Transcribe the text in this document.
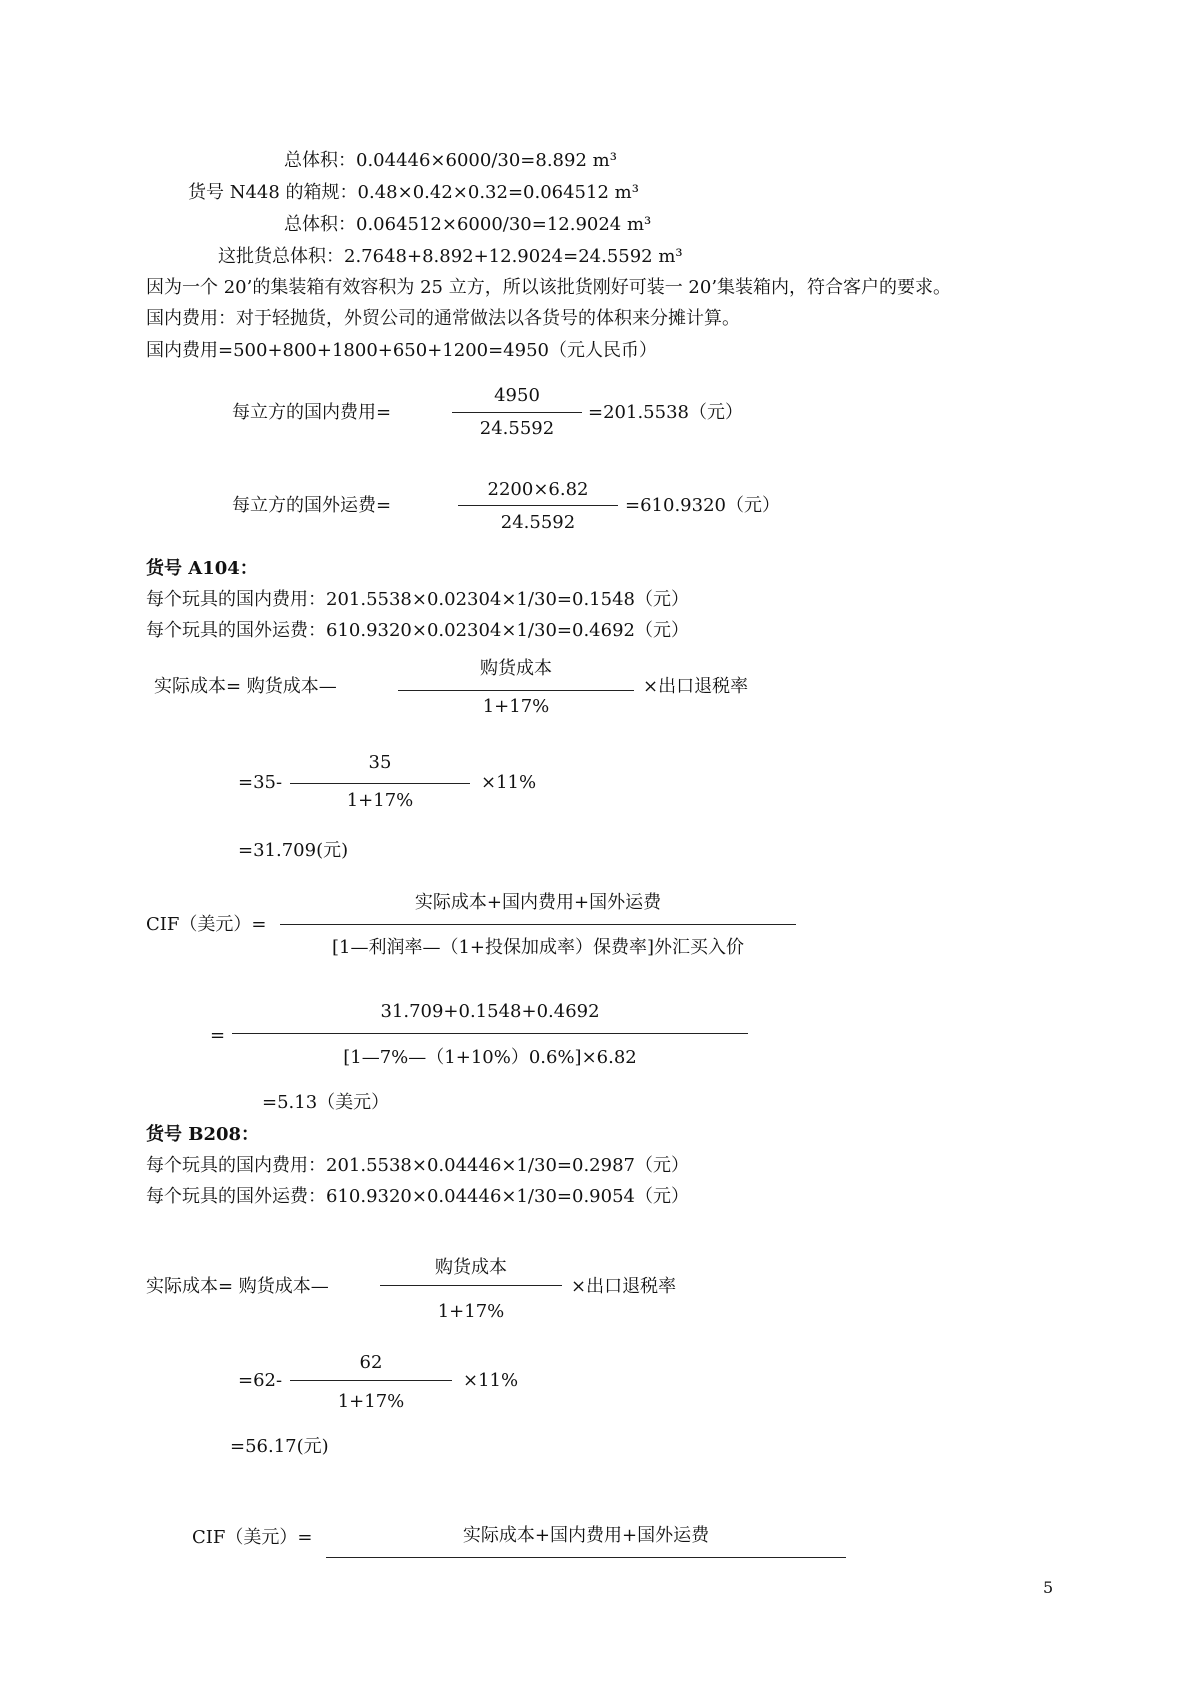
总体积：0.04446×6000/30=8.892 m³
货号 N448 的箱规：0.48×0.42×0.32=0.064512 m³
总体积：0.064512×6000/30=12.9024 m³
这批货总体积：2.7648+8.892+12.9024=24.5592 m³
因为一个 20’的集装箱有效容积为 25 立方，所以该批货刚好可装一 20’集装箱内，符合客户的要求。
国内费用：对于轻抛货，外贸公司的通常做法以各货号的体积来分摊计算。
国内费用=500+800+1800+650+1200=4950（元人民币）
每立方的国内费用=
4950
24.5592
=201.5538（元）
每立方的国外运费=
2200×6.82
24.5592
=610.9320（元）
货号 A104：
每个玩具的国内费用：201.5538×0.02304×1/30=0.1548（元）
每个玩具的国外运费：610.9320×0.02304×1/30=0.4692（元）
实际成本= 购货成本—
购货成本
1+17%
×出口退税率
=35-
35
1+17%
×11%
=31.709(元)
CIF（美元）=
实际成本+国内费用+国外运费
[1—利润率—（1+投保加成率）保费率]外汇买入价
=
31.709+0.1548+0.4692
[1—7%—（1+10%）0.6%]×6.82
=5.13（美元）
货号 B208：
每个玩具的国内费用：201.5538×0.04446×1/30=0.2987（元）
每个玩具的国外运费：610.9320×0.04446×1/30=0.9054（元）
实际成本= 购货成本—
购货成本
1+17%
×出口退税率
=62-
62
1+17%
×11%
=56.17(元)
CIF（美元）=	实际成本+国内费用+国外运费
5
